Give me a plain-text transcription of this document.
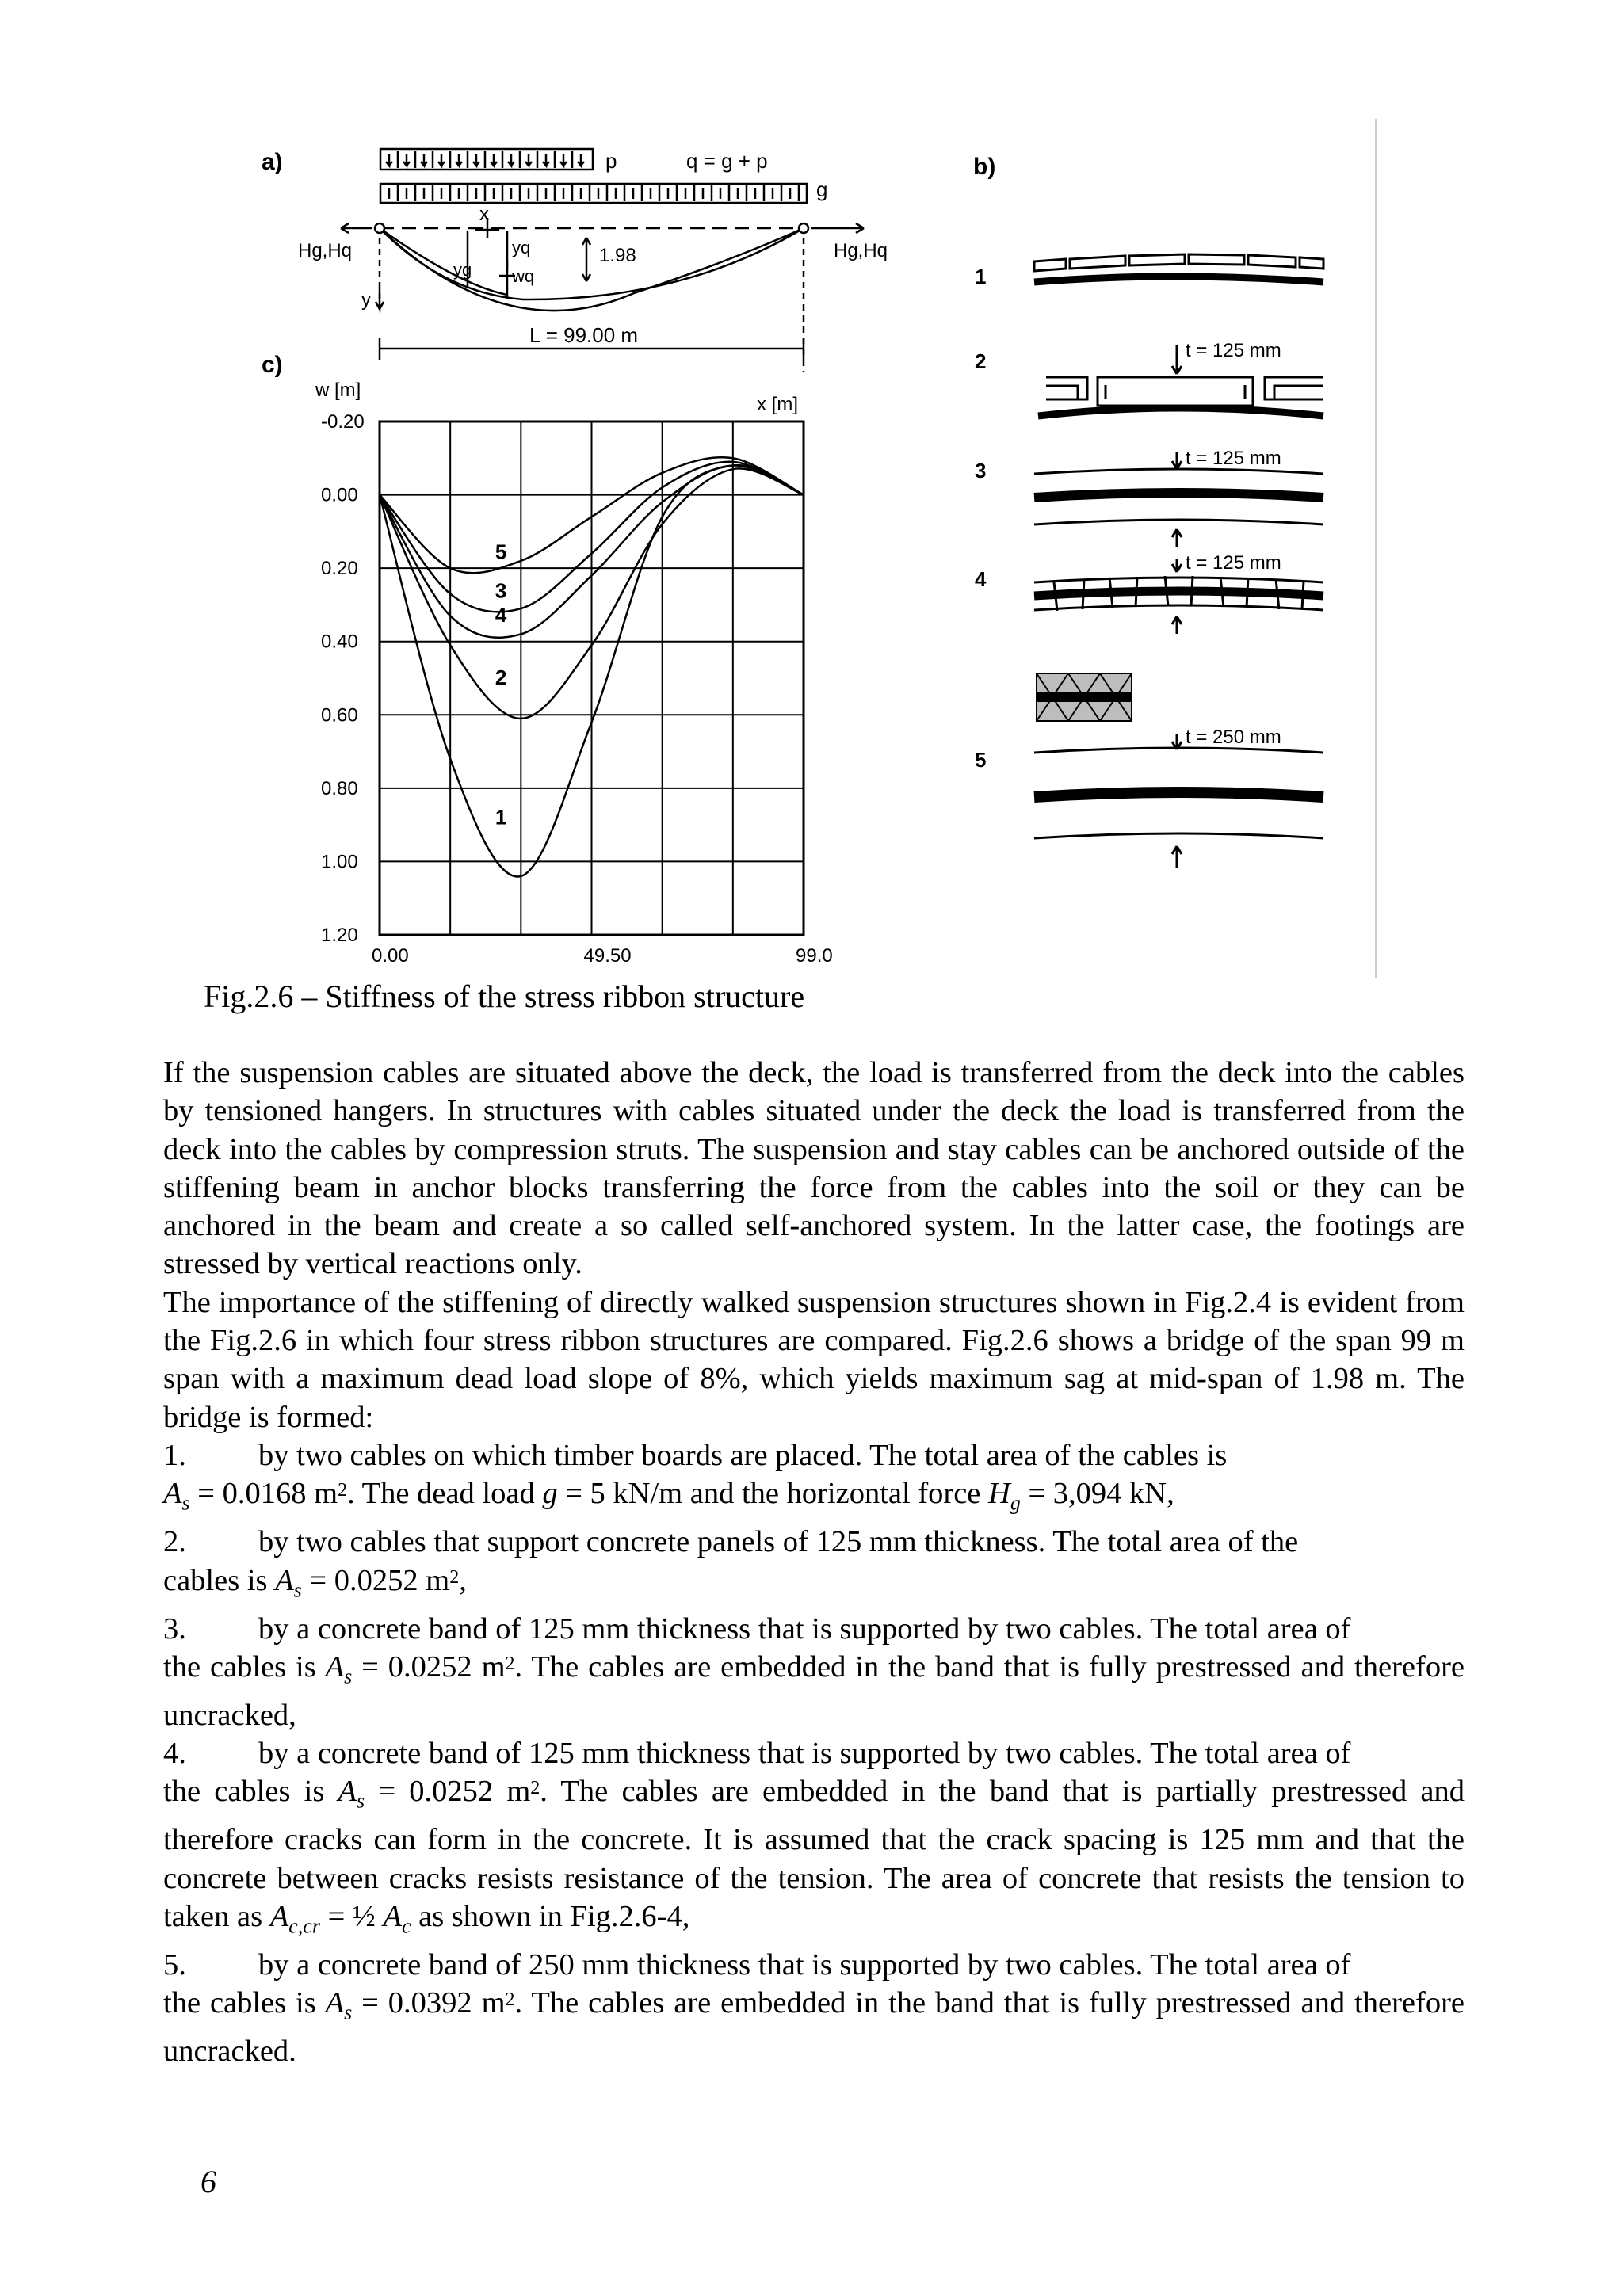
a)	p	q = g + p
g
x
Hg,Hq	Hg,Hq
yq
yg wq
1.98
y
L = 99.00 m
c)
w [m]
x [m]
-0.20
0.00
0.20
0.40
0.60
0.80
1.00
1.20
0.00	49.50	99.0
1
2
3
4
5
b)
1
2
3
4
5
t = 125 mm
t = 125 mm
t = 125 mm
t = 250 mm
Fig.2.6 – Stiffness of the stress ribbon structure

If the suspension cables are situated above the deck, the load is transferred from the deck into the cables by tensioned hangers. In structures with cables situated under the deck the load is transferred from the deck into the cables by compression struts. The suspension and stay cables can be anchored outside of the stiffening beam in anchor blocks transferring the force from the cables into the soil or they can be anchored in the beam and create a so called self-anchored system. In the latter case, the footings are stressed by vertical reactions only.

The importance of the stiffening of directly walked suspension structures shown in Fig.2.4 is evident from the Fig.2.6 in which four stress ribbon structures are compared. Fig.2.6 shows a bridge of the span 99 m span with a maximum dead load slope of 8%, which yields maximum sag at mid-span of 1.98 m. The bridge is formed:

1.	by two cables on which timber boards are placed. The total area of the cables is
$A_s = 0.0168$ $m^2$. The dead load g = 5 kN/m and the horizontal force $H_g = 3,094$ kN,
2.	by two cables that support concrete panels of 125 mm thickness. The total area of the
cables is $A_s = 0.0252$ $m^2$,
3.	by a concrete band of 125 mm thickness that is supported by two cables. The total area of
the cables is $A_s = 0.0252$ $m^2$. The cables are embedded in the band that is fully prestressed and therefore uncracked,
4.	by a concrete band of 125 mm thickness that is supported by two cables. The total area of
the cables is $A_s = 0.0252$ $m^2$. The cables are embedded in the band that is partially prestressed and therefore cracks can form in the concrete. It is assumed that the crack spacing is 125 mm and that the concrete between cracks resists resistance of the tension. The area of concrete that resists the tension to taken as $A_{c,cr}$ = ½ $A_c$ as shown in Fig.2.6-4,
5.	by a concrete band of 250 mm thickness that is supported by two cables. The total area of
the cables is $A_s = 0.0392$ $m^2$. The cables are embedded in the band that is fully prestressed and therefore uncracked.
6
